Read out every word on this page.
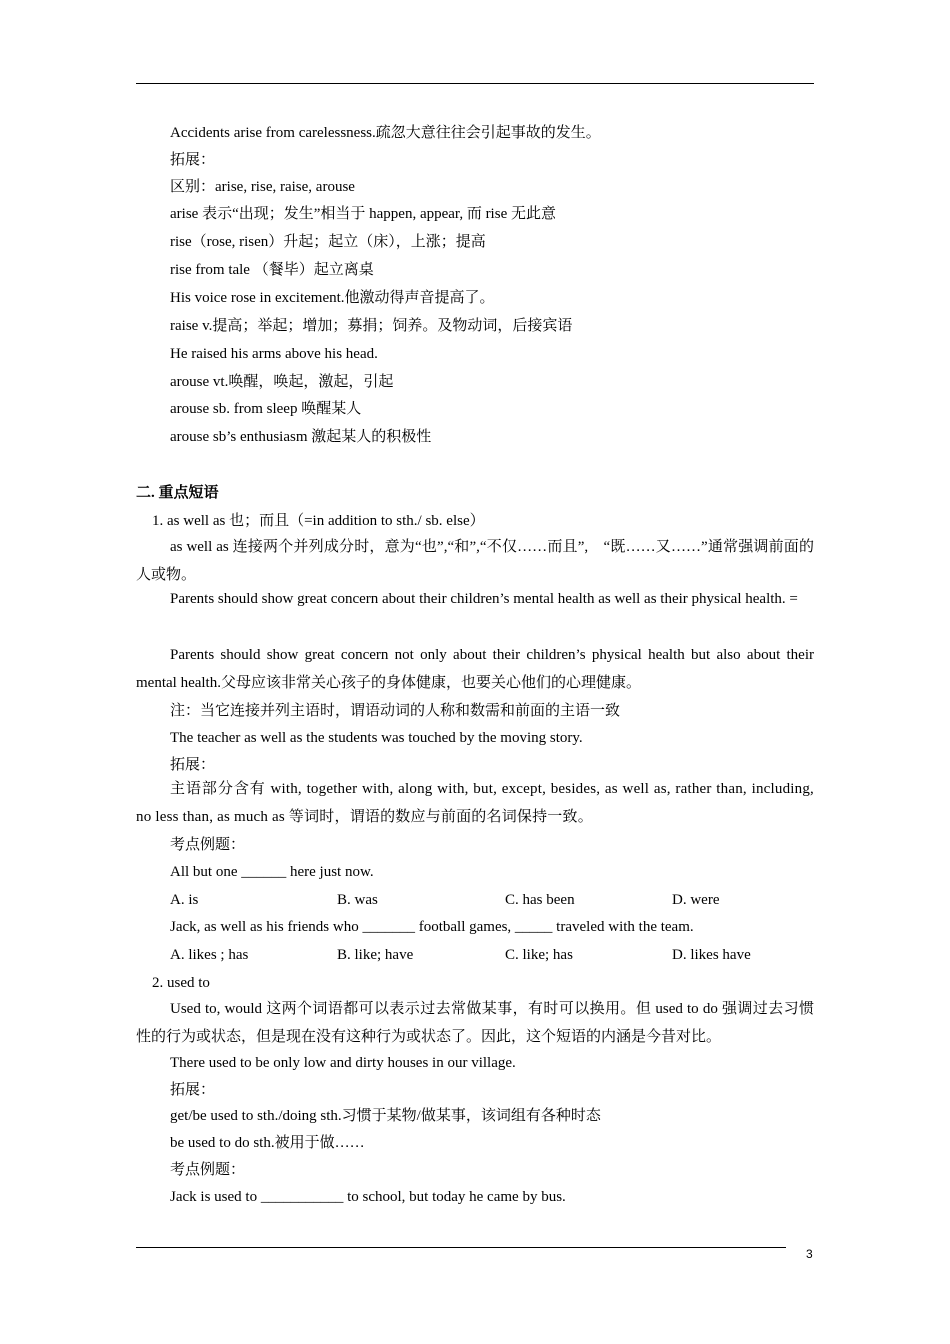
Accidents arise from carelessness.疏忽大意往往会引起事故的发生。
拓展：
区别：arise, rise, raise, arouse
arise 表示“出现；发生”相当于 happen, appear, 而 rise 无此意
rise（rose, risen）升起；起立（床），上涨；提高
rise from tale （餐毕）起立离桌
His voice rose in excitement.他激动得声音提高了。
raise v.提高；举起；增加；募捐；饲养。及物动词，后接宾语
He raised his arms above his head.
arouse vt.唤醒，唤起，激起，引起
arouse sb. from sleep 唤醒某人
arouse sb’s enthusiasm 激起某人的积极性
二. 重点短语
1. as well as 也；而且（=in addition to sth./ sb. else）
as well as 连接两个并列成分时，意为“也”,“和”,“不仅……而且”,　“既……又……”通常强调前面的人或物。
Parents should show great concern about their children’s mental health as well as their physical health. =
Parents should show great concern not only about their children’s physical health but also about their mental health.父母应该非常关心孩子的身体健康，也要关心他们的心理健康。
注：当它连接并列主语时，谓语动词的人称和数需和前面的主语一致
The teacher as well as the students was touched by the moving story.
拓展：
主语部分含有 with, together with, along with, but, except, besides, as well as, rather than, including, no less than, as much as 等词时，谓语的数应与前面的名词保持一致。
考点例题：
All but one ______ here just now.
A. is	B. was	C. has been	D. were
Jack, as well as his friends who _______ football games, _____ traveled with the team.
A. likes ; has	B. like; have	C. like; has	D. likes have
2. used to
Used to, would 这两个词语都可以表示过去常做某事，有时可以换用。但 used to do 强调过去习惯性的行为或状态，但是现在没有这种行为或状态了。因此，这个短语的内涵是今昔对比。
There used to be only low and dirty houses in our village.
拓展：
get/be used to sth./doing sth.习惯于某物/做某事，该词组有各种时态
be used to do sth.被用于做……
考点例题：
Jack is used to ___________ to school, but today he came by bus.
3
